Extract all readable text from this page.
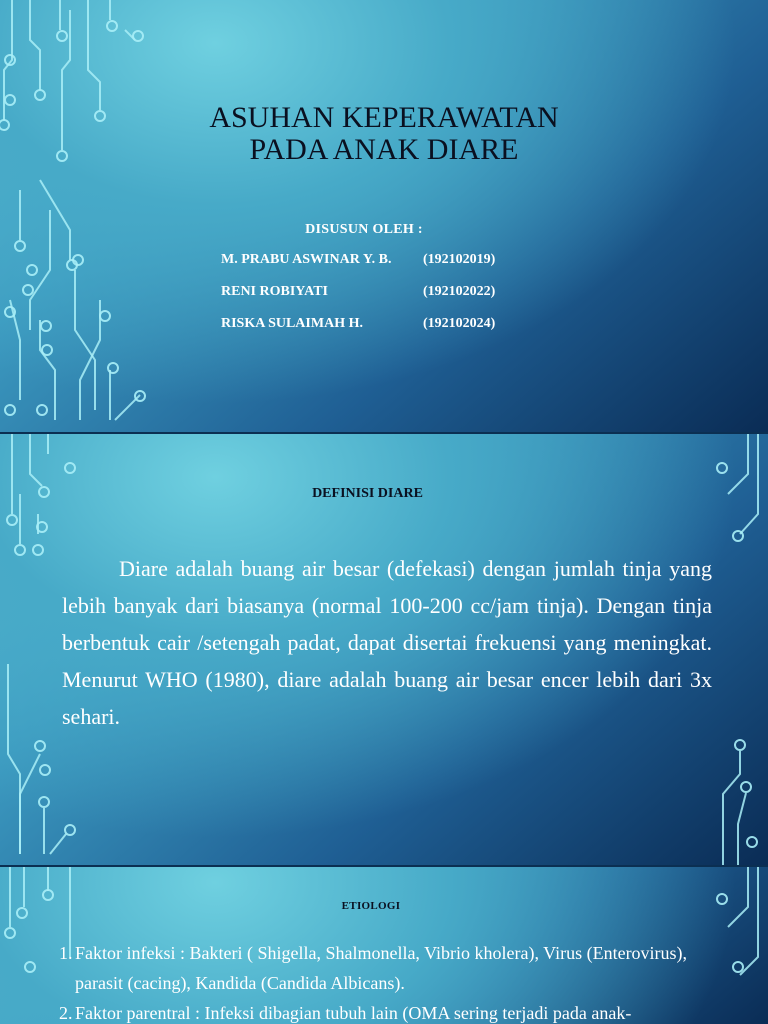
ASUHAN KEPERAWATAN
PADA ANAK DIARE
DISUSUN OLEH :
M. PRABU ASWINAR Y. B. (192102019)
RENI ROBIYATI	(192102022)
RISKA SULAIMAH H.	(192102024)
DEFINISI DIARE

Diare adalah buang air besar (defekasi) dengan jumlah tinja yang lebih banyak dari biasanya (normal 100-200 cc/jam tinja). Dengan tinja berbentuk cair /setengah padat, dapat disertai frekuensi yang meningkat. Menurut WHO (1980), diare adalah buang air besar encer lebih dari 3x sehari.

ETIOLOGI
1. Faktor infeksi : Bakteri ( Shigella, Shalmonella, Vibrio kholera), Virus (Enterovirus), parasit (cacing), Kandida (Candida Albicans).
2. Faktor parentral : Infeksi dibagian tubuh lain (OMA sering terjadi pada anak-
